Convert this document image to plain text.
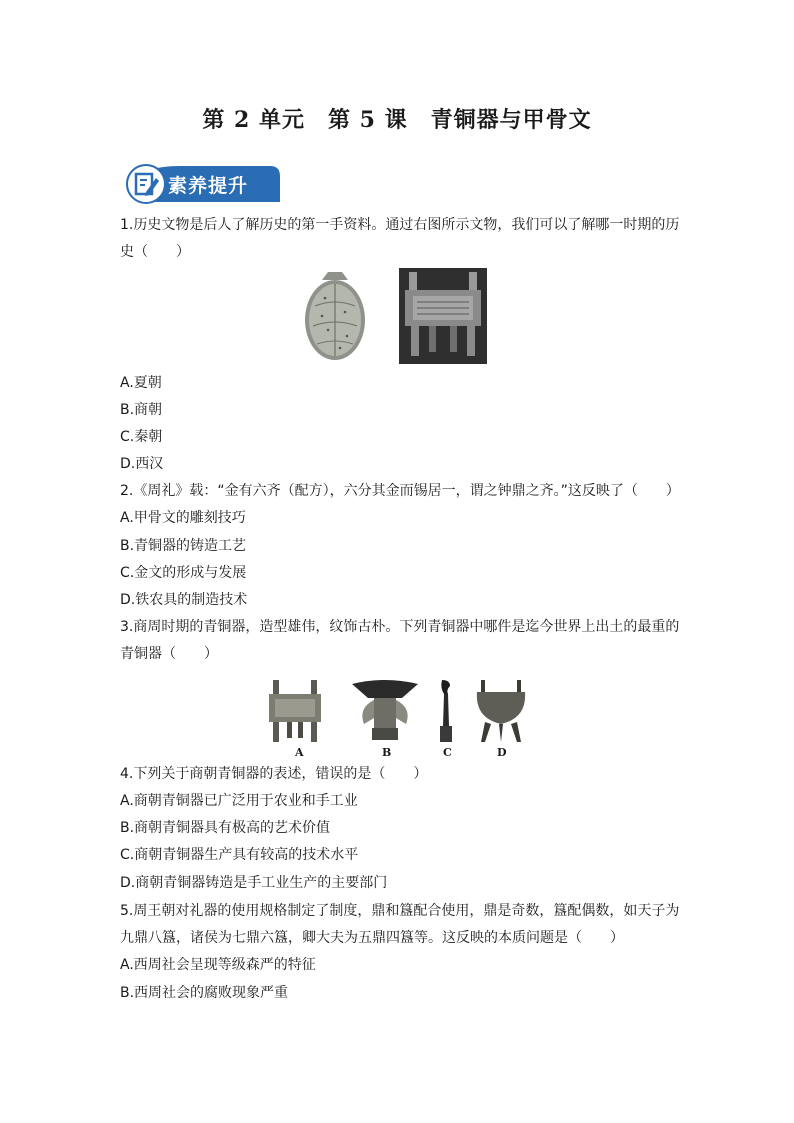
第 2 单元　第 5 课　青铜器与甲骨文
素养提升
1.历史文物是后人了解历史的第一手资料。通过右图所示文物，我们可以了解哪一时期的历
史（　　）
A.夏朝
B.商朝
C.秦朝
D.西汉
2.《周礼》载：“金有六齐（配方），六分其金而锡居一，谓之钟鼎之齐。”这反映了（　　）
A.甲骨文的雕刻技巧
B.青铜器的铸造工艺
C.金文的形成与发展
D.铁农具的制造技术
3.商周时期的青铜器，造型雄伟，纹饰古朴。下列青铜器中哪件是迄今世界上出土的最重的
青铜器（　　）
A	B	C	D
4.下列关于商朝青铜器的表述，错误的是（　　）
A.商朝青铜器已广泛用于农业和手工业
B.商朝青铜器具有极高的艺术价值
C.商朝青铜器生产具有较高的技术水平
D.商朝青铜器铸造是手工业生产的主要部门
5.周王朝对礼器的使用规格制定了制度，鼎和簋配合使用，鼎是奇数，簋配偶数，如天子为
九鼎八簋，诸侯为七鼎六簋，卿大夫为五鼎四簋等。这反映的本质问题是（　　）
A.西周社会呈现等级森严的特征
B.西周社会的腐败现象严重
